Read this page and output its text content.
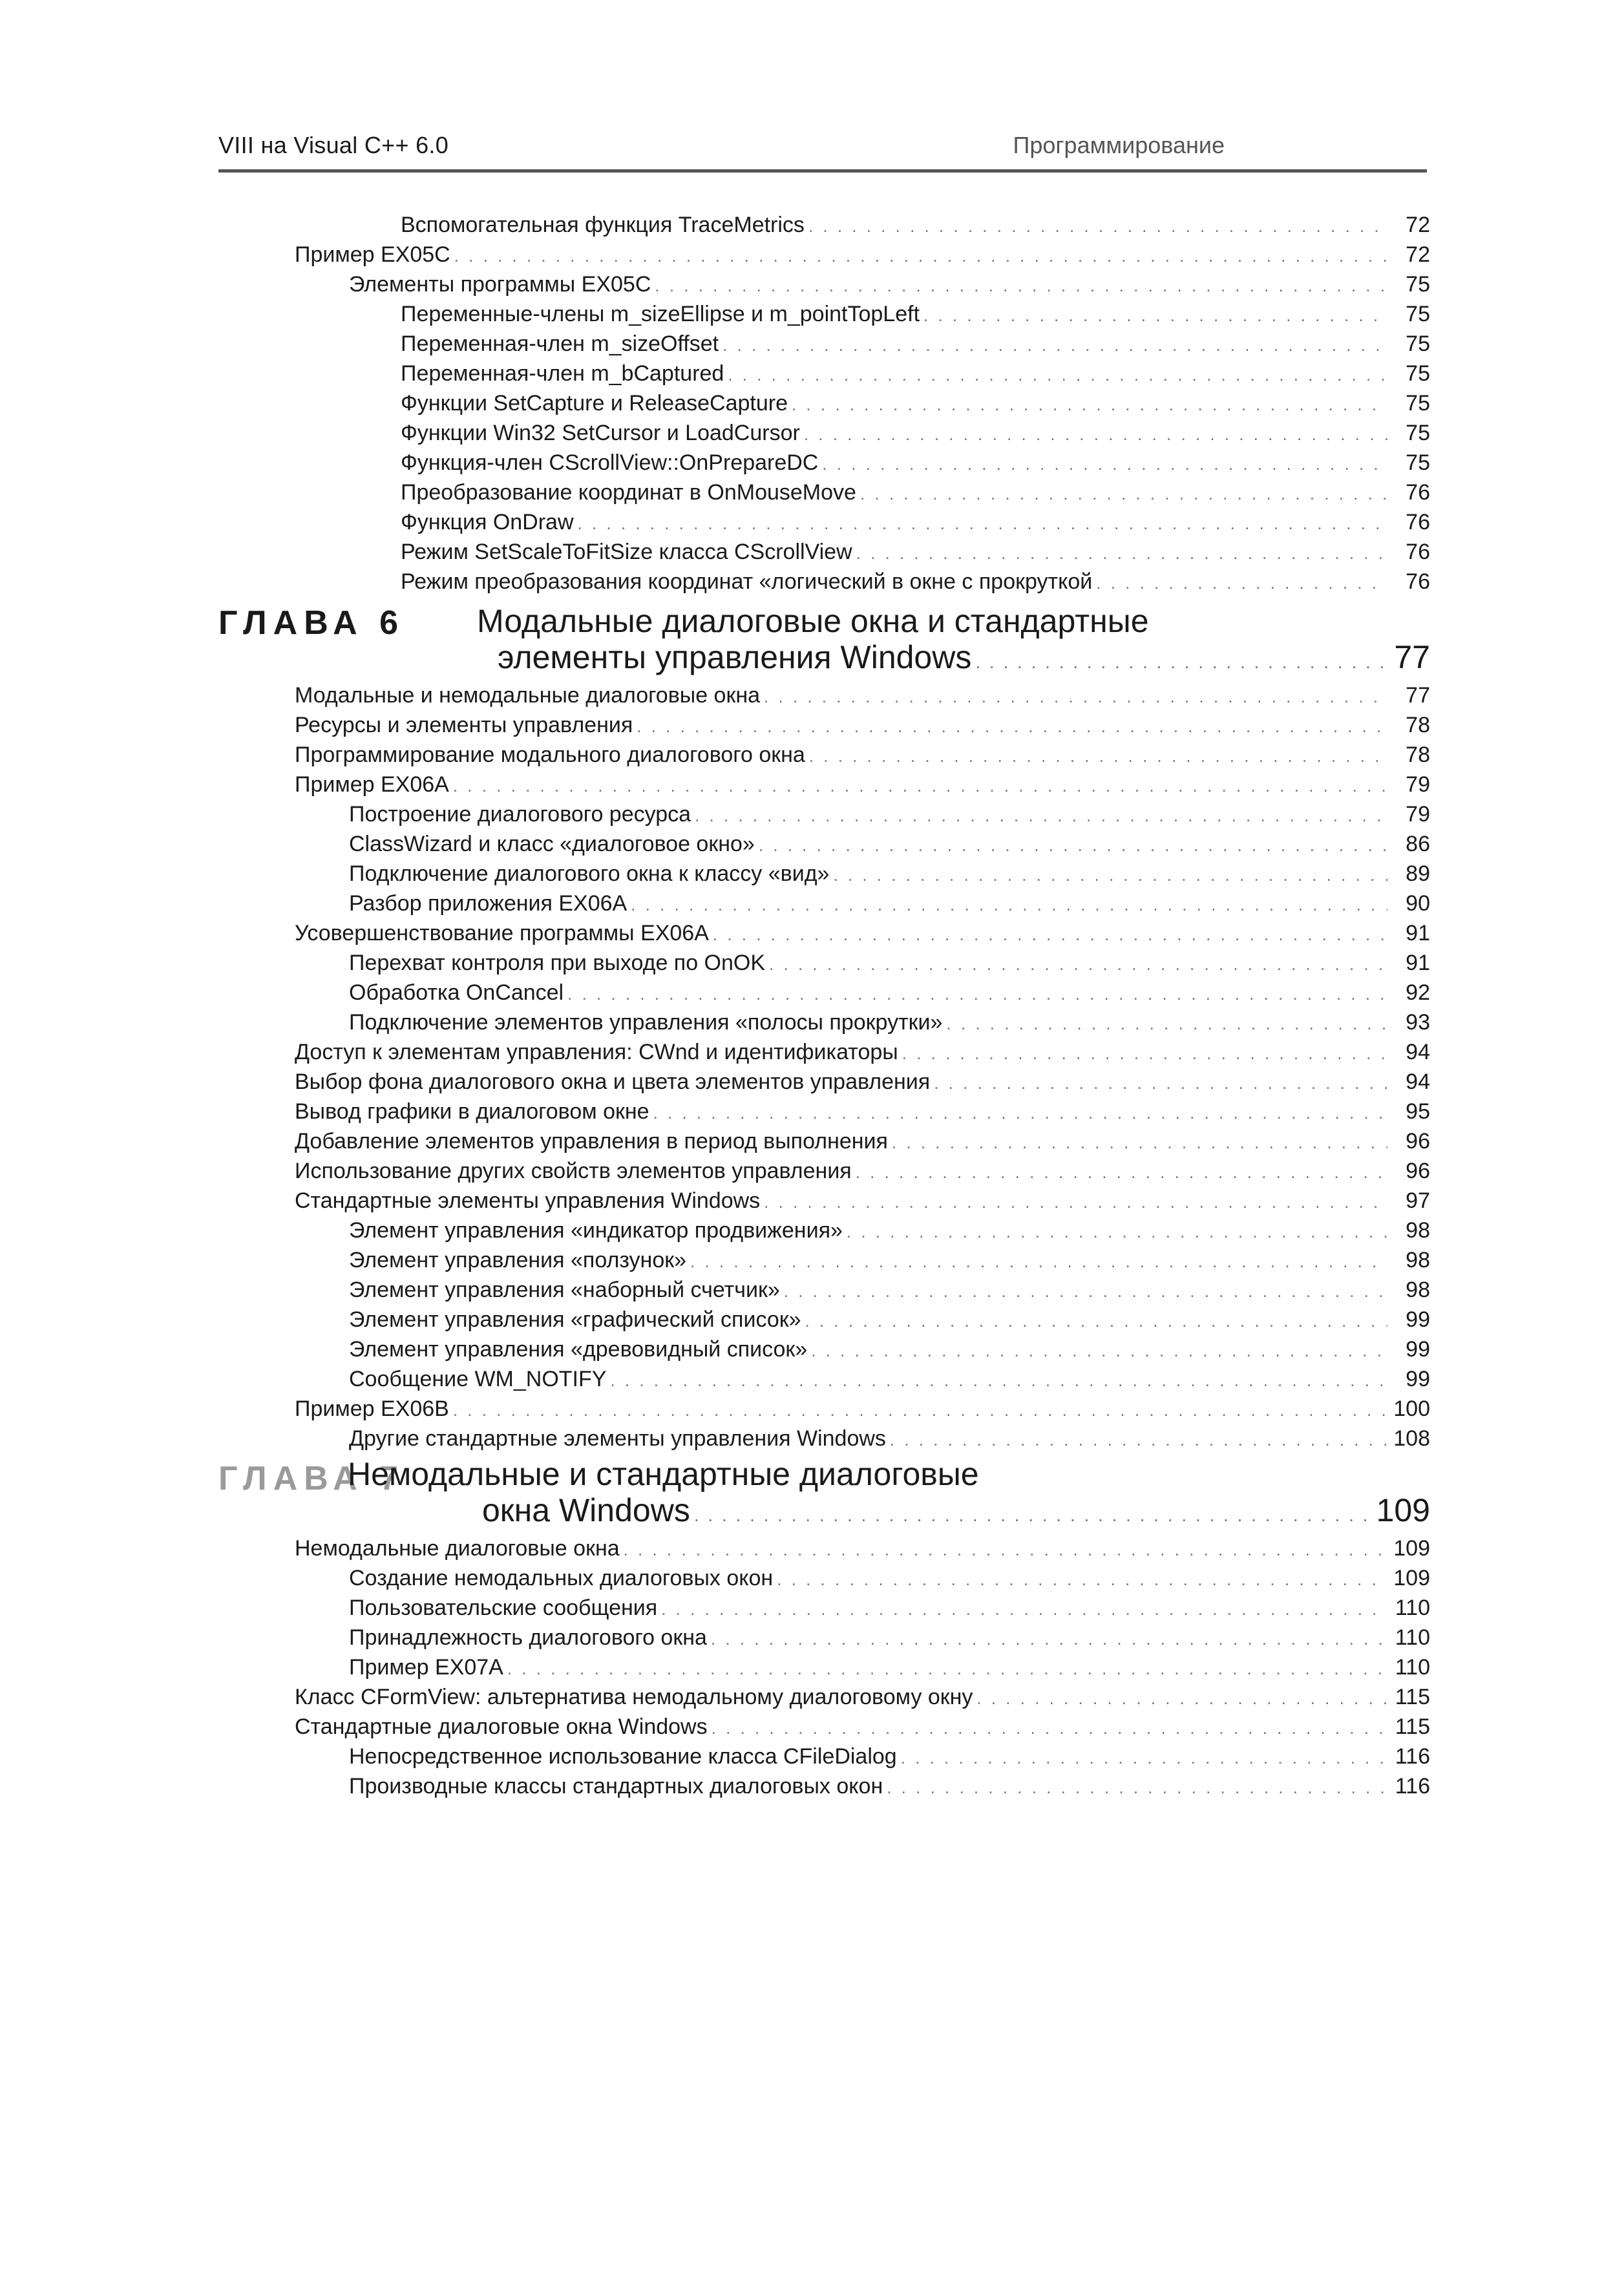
VIII на Visual C++ 6.0	Программирование
Вспомогательная функция TraceMetrics . . .	72
Пример EX05C . . .	72
Элементы программы EX05C . . .	75
Переменные-члены m_sizeEllipse и m_pointTopLeft . . .	75
Переменная-член m_sizeOffset . . .	75
Переменная-член m_bCaptured . . .	75
Функции SetCapture и ReleaseCapture . . .	75
Функции Win32 SetCursor и LoadCursor . . .	75
Функция-член CScrollView::OnPrepareDC . . .	75
Преобразование координат в OnMouseMove . . .	76
Функция OnDraw . . .	76
Режим SetScaleToFitSize класса CScrollView . . .	76
Режим преобразования координат «логический в окне с прокруткой . . .	76
ГЛАВА 6 Модальные диалоговые окна и стандартные
элементы управления Windows . . .	77
Модальные и немодальные диалоговые окна . . .	77
Ресурсы и элементы управления . . .	78
Программирование модального диалогового окна . . .	78
Пример EX06A . . .	79
Построение диалогового ресурса . . .	79
ClassWizard и класс «диалоговое окно» . . .	86
Подключение диалогового окна к классу «вид» . . .	89
Разбор приложения EX06A . . .	90
Усовершенствование программы EX06A . . .	91
Перехват контроля при выходе по OnOK . . .	91
Обработка OnCancel . . .	92
Подключение элементов управления «полосы прокрутки» . . .	93
Доступ к элементам управления: CWnd и идентификаторы . . .	94
Выбор фона диалогового окна и цвета элементов управления . . .	94
Вывод графики в диалоговом окне . . .	95
Добавление элементов управления в период выполнения . . .	96
Использование других свойств элементов управления . . .	96
Стандартные элементы управления Windows . . .	97
Элемент управления «индикатор продвижения» . . .	98
Элемент управления «ползунок» . . .	98
Элемент управления «наборный счетчик» . . .	98
Элемент управления «графический список» . . .	99
Элемент управления «древовидный список» . . .	99
Сообщение WM_NOTIFY . . .	99
Пример EX06B . . .	100
Другие стандартные элементы управления Windows . . .	108
ГЛАВА 7
Немодальные и стандартные диалоговые
окна Windows . . .	109
Немодальные диалоговые окна . . .	109
Создание немодальных диалоговых окон . . .	109
Пользовательские сообщения . . .	110
Принадлежность диалогового окна . . .	110
Пример EX07A . . .	110
Класс CFormView: альтернатива немодальному диалоговому окну . . .	115
Стандартные диалоговые окна Windows . . .	115
Непосредственное использование класса CFileDialog . . .	116
Производные классы стандартных диалоговых окон . . .	116
